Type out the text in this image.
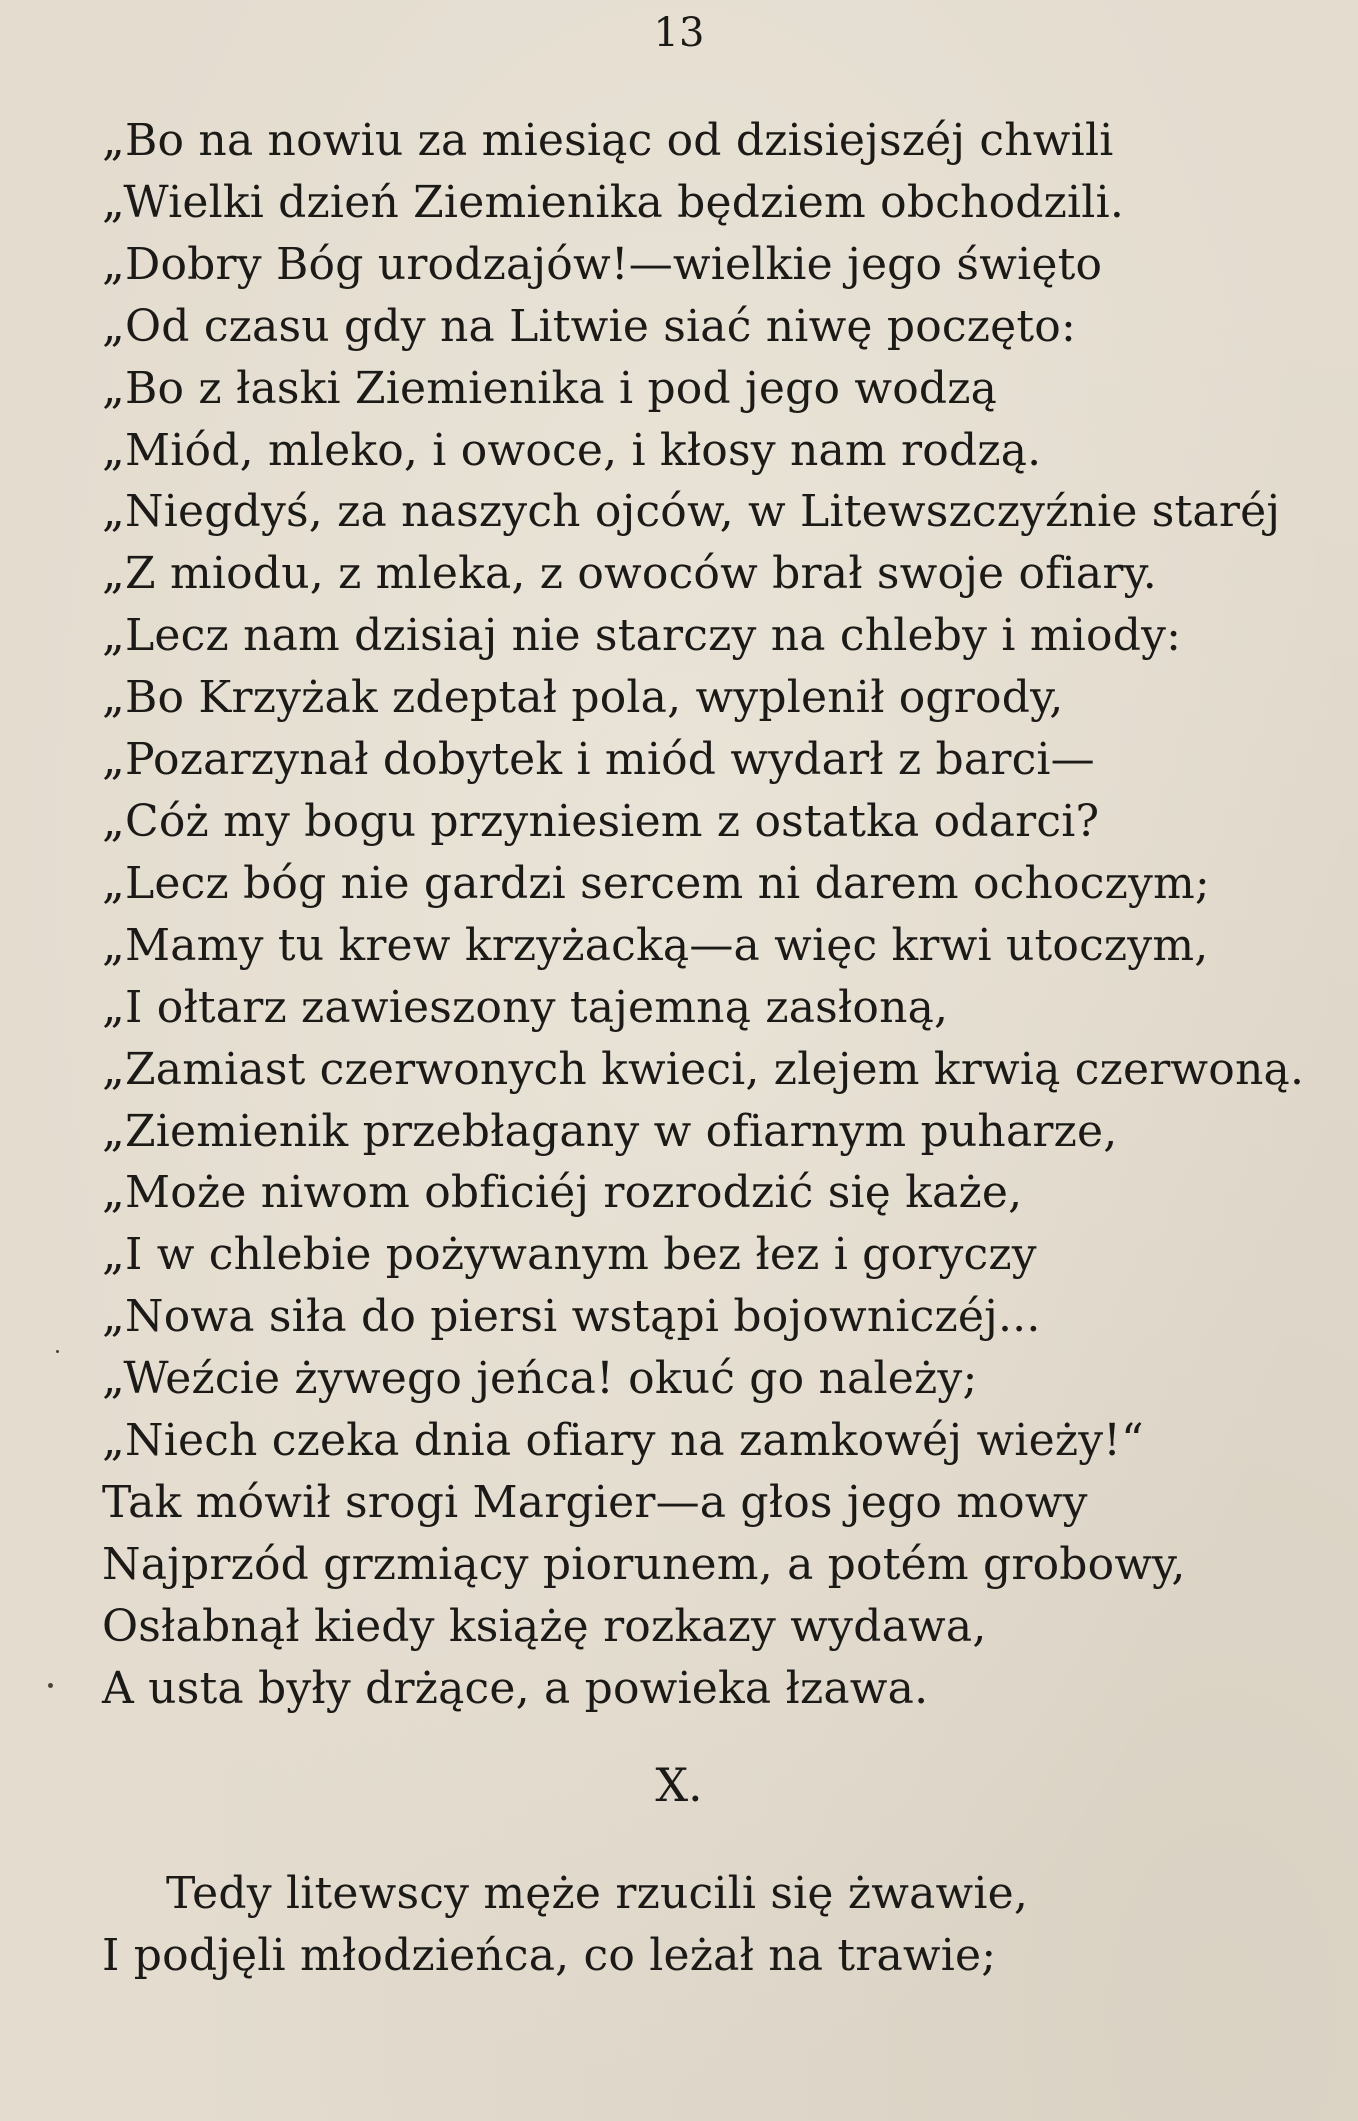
13
„Bo na nowiu za miesiąc od dzisiejszéj chwili
„Wielki dzień Ziemienika będziem obchodzili.
„Dobry Bóg urodzajów!—wielkie jego święto
„Od czasu gdy na Litwie siać niwę poczęto:
„Bo z łaski Ziemienika i pod jego wodzą
„Miód, mleko, i owoce, i kłosy nam rodzą.
„Niegdyś, za naszych ojców, w Litewszczyźnie staréj
„Z miodu, z mleka, z owoców brał swoje ofiary.
„Lecz nam dzisiaj nie starczy na chleby i miody:
„Bo Krzyżak zdeptał pola, wyplenił ogrody,
„Pozarzynał dobytek i miód wydarł z barci—
„Cóż my bogu przyniesiem z ostatka odarci?
„Lecz bóg nie gardzi sercem ni darem ochoczym;
„Mamy tu krew krzyżacką—a więc krwi utoczym,
„I ołtarz zawieszony tajemną zasłoną,
„Zamiast czerwonych kwieci, zlejem krwią czerwoną.
„Ziemienik przebłagany w ofiarnym puharze,
„Może niwom obficiéj rozrodzić się każe,
„I w chlebie pożywanym bez łez i goryczy
„Nowa siła do piersi wstąpi bojowniczéj...
„Weźcie żywego jeńca! okuć go należy;
„Niech czeka dnia ofiary na zamkowéj wieży!“
Tak mówił srogi Margier—a głos jego mowy
Najprzód grzmiący piorunem, a potém grobowy,
Osłabnął kiedy książę rozkazy wydawa,
A usta były drżące, a powieka łzawa.
X.
Tedy litewscy męże rzucili się żwawie,
I podjęli młodzieńca, co leżał na trawie;
